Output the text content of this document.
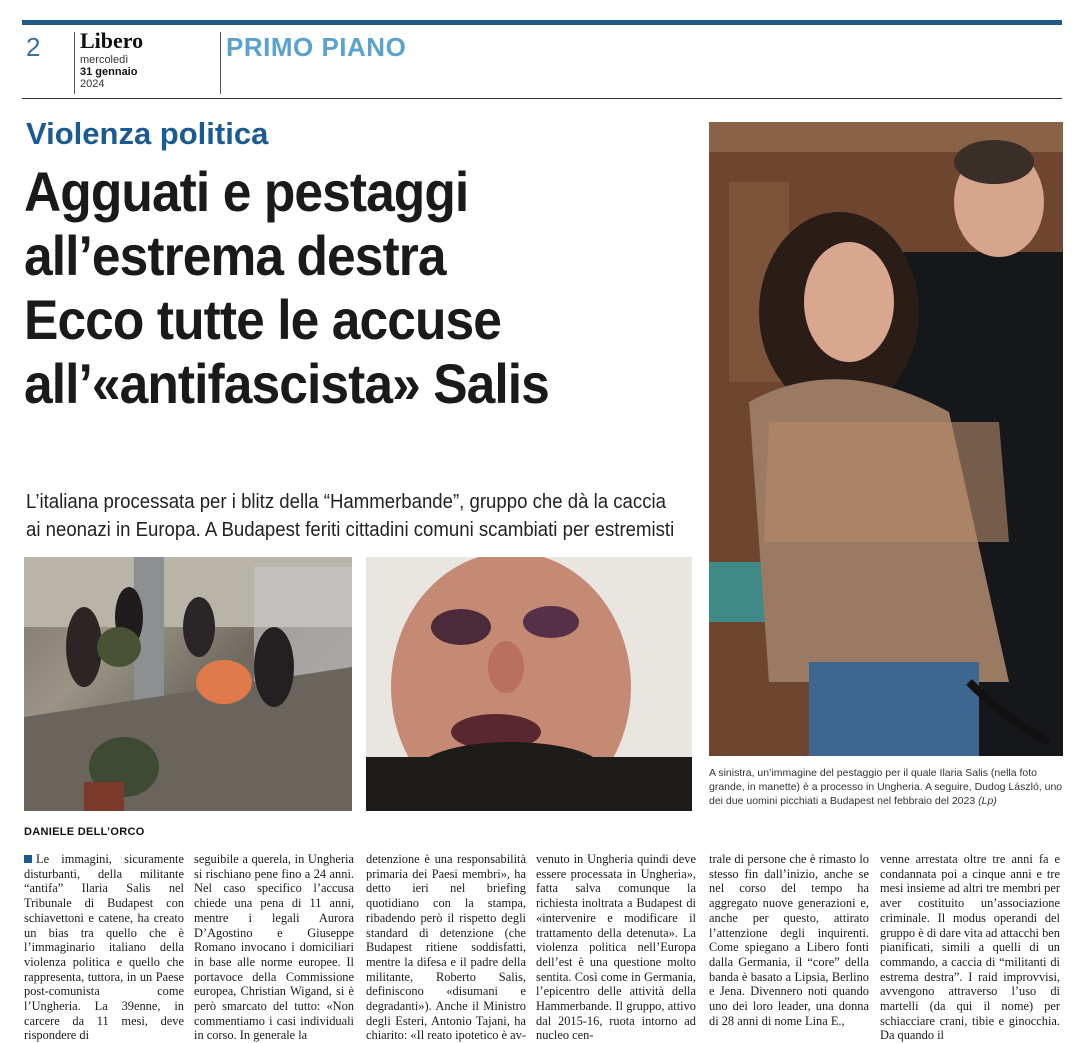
2 Libero
mercoledì
31 gennaio
2024
PRIMO PIANO
Violenza politica
Agguati e pestaggi
all’estrema destra
Ecco tutte le accuse
all’«antifascista» Salis
L’italiana processata per i blitz della “Hammerbande”, gruppo che dà la caccia
ai neonazi in Europa. A Budapest feriti cittadini comuni scambiati per estremisti
A sinistra, un’immagine del pestaggio per il quale Ilaria Salis (nella foto grande, in manette) è a processo in Ungheria. A seguire, Dudog László, uno dei due uomini picchiati a Budapest nel febbraio del 2023 (Lp)
DANIELE DELL’ORCO

Le immagini, sicuramente disturbanti, della militante “antifa” Ilaria Salis nel Tribunale di Budapest con schiavettoni e catene, ha creato un bias tra quello che è l’immaginario italiano della violenza politica e quello che rappresenta, tuttora, in un Paese post-comunista come l’Ungheria. La 39enne, in carcere da 11 mesi, deve rispondere di

seguibile a querela, in Ungheria si rischiano pene fino a 24 anni. Nel caso specifico l’accusa chiede una pena di 11 anni, mentre i legali Aurora D’Agostino e Giuseppe Romano invocano i domiciliari in base alle norme europee. Il portavoce della Commissione europea, Christian Wigand, si è però smarcato del tutto: «Non commentiamo i casi individuali in corso. In generale la

detenzione è una responsabilità primaria dei Paesi membri», ha detto ieri nel briefing quotidiano con la stampa, ribadendo però il rispetto degli standard di detenzione (che Budapest ritiene soddisfatti, mentre la difesa e il padre della militante, Roberto Salis, definiscono «disumani e degradanti»). Anche il Ministro degli Esteri, Antonio Tajani, ha chiarito: «Il reato ipotetico è av-

venuto in Ungheria quindi deve essere processata in Ungheria», fatta salva comunque la richiesta inoltrata a Budapest di «intervenire e modificare il trattamento della detenuta». La violenza politica nell’Europa dell’est è una questione molto sentita. Così come in Germania, l’epicentro delle attività della Hammerbande. Il gruppo, attivo dal 2015-16, ruota intorno ad nucleo cen-

trale di persone che è rimasto lo stesso fin dall’inizio, anche se nel corso del tempo ha aggregato nuove generazioni e, anche per questo, attirato l’attenzione degli inquirenti. Come spiegano a Libero fonti dalla Germania, il “core” della banda è basato a Lipsia, Berlino e Jena. Divennero noti quando uno dei loro leader, una donna di 28 anni di nome Lina E.,

venne arrestata oltre tre anni fa e condannata poi a cinque anni e tre mesi insieme ad altri tre membri per aver costituito un’associazione criminale. Il modus operandi del gruppo è di dare vita ad attacchi ben pianificati, simili a quelli di un commando, a caccia di “militanti di estrema destra”. I raid improvvisi, avvengono attraverso l’uso di martelli (da qui il nome) per schiacciare crani, tibie e ginocchia. Da quando il
